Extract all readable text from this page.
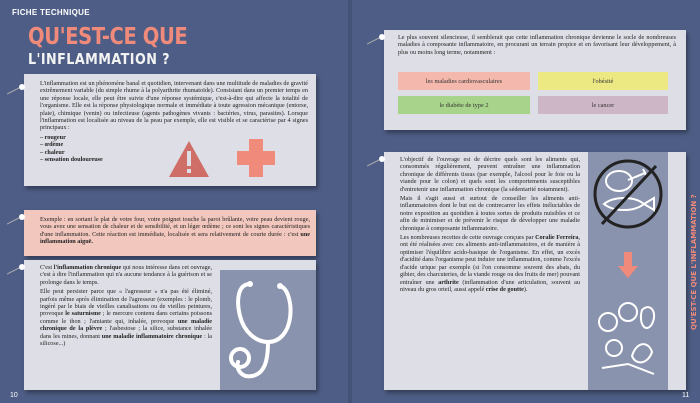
FICHE TECHNIQUE
QU'EST-CE QUE
L'INFLAMMATION ?

L'inflammation est un phénomène banal et quotidien, intervenant dans une multitude de maladies de gravité extrêmement variable (du simple rhume à la polyarthrite rhumatoïde). Consistant dans un premier temps en une réponse locale, elle peut être suivie d'une réponse systémique, c'est-à-dire qui affecte la totalité de l'organisme. Elle est la réponse physiologique normale et immédiate à toute agression mécanique (entorse, plaie), chimique (venin) ou infectieuse (agents pathogènes vivants : bactéries, virus, parasites). Lorsque l'inflammation est localisée au niveau de la peau par exemple, elle est visible et se caractérise par 4 signes principaux :

– rougeur
– œdème
– chaleur
– sensation douloureuse
Exemple : en sortant le plat de votre four, votre poignet touche la paroi brûlante, votre peau devient rouge, vous avez une sensation de chaleur et de sensibilité, et un léger œdème ; ce sont les signes caractéristiques d'une inflammation. Cette réaction est immédiate, localisée et sera relativement de courte durée : c'est une inflammation aiguë.

C'est l'inflammation chronique qui nous intéresse dans cet ouvrage, c'est à dire l'inflammation qui n'a aucune tendance à la guérison et se prolonge dans le temps.

Elle peut persister parce que « l'agresseur » n'a pas été éliminé, parfois même après élimination de l'agresseur (exemples : le plomb, ingéré par le biais de vieilles canalisations ou de vieilles peintures, provoque le saturnisme ; le mercure contenu dans certains poissons comme le thon ; l'amiante qui, inhalée, provoque une maladie chronique de la plèvre ; l'asbestose ; la silice, substance inhalée dans les mines, donnant une maladie inflammatoire chronique : la silicose...)

Le plus souvent silencieuse, il semblerait que cette inflammation chronique devienne le socle de nombreuses maladies à composante inflammatoire, en procurant un terrain propice et en favorisant leur développement, à plus ou moins long terme, notamment :
les maladies cardiovasculaires	l'obésité
le diabète de type 2	le cancer

L'objectif de l'ouvrage est de décrire quels sont les aliments qui, consommés régulièrement, peuvent entraîner une inflammation chronique de différents tissus (par exemple, l'alcool pour le foie ou la viande pour le colon) et quels sont les comportements susceptibles d'entretenir une inflammation chronique (la sédentarité notamment).

Mais il s'agit aussi et surtout de conseiller les aliments anti-inflammatoires dont le but est de contrecarrer les effets inéluctables de notre exposition au quotidien à toutes sortes de produits nuisibles et ce afin de minimiser et de prévenir le risque de développer une maladie chronique à composante inflammatoire.

Les nombreuses recettes de cette ouvrage conçues par Coralie Ferreira, ont été réalisées avec ces aliments anti-inflammatoires, et de manière à optimiser l'équilibre acido-basique de l'organisme. En effet, un excès d'acidité dans l'organisme peut induire une inflammation, comme l'excès d'acide urique par exemple (si l'on consomme souvent des abats, du gibier, des charcuteries, de la viande rouge ou des fruits de mer) pouvant entraîner une arthrite (inflammation d'une articulation, souvent au niveau du gros orteil, aussi appelé crise de goutte).

10	11
QU'EST-CE QUE L'INFLAMMATION ?
